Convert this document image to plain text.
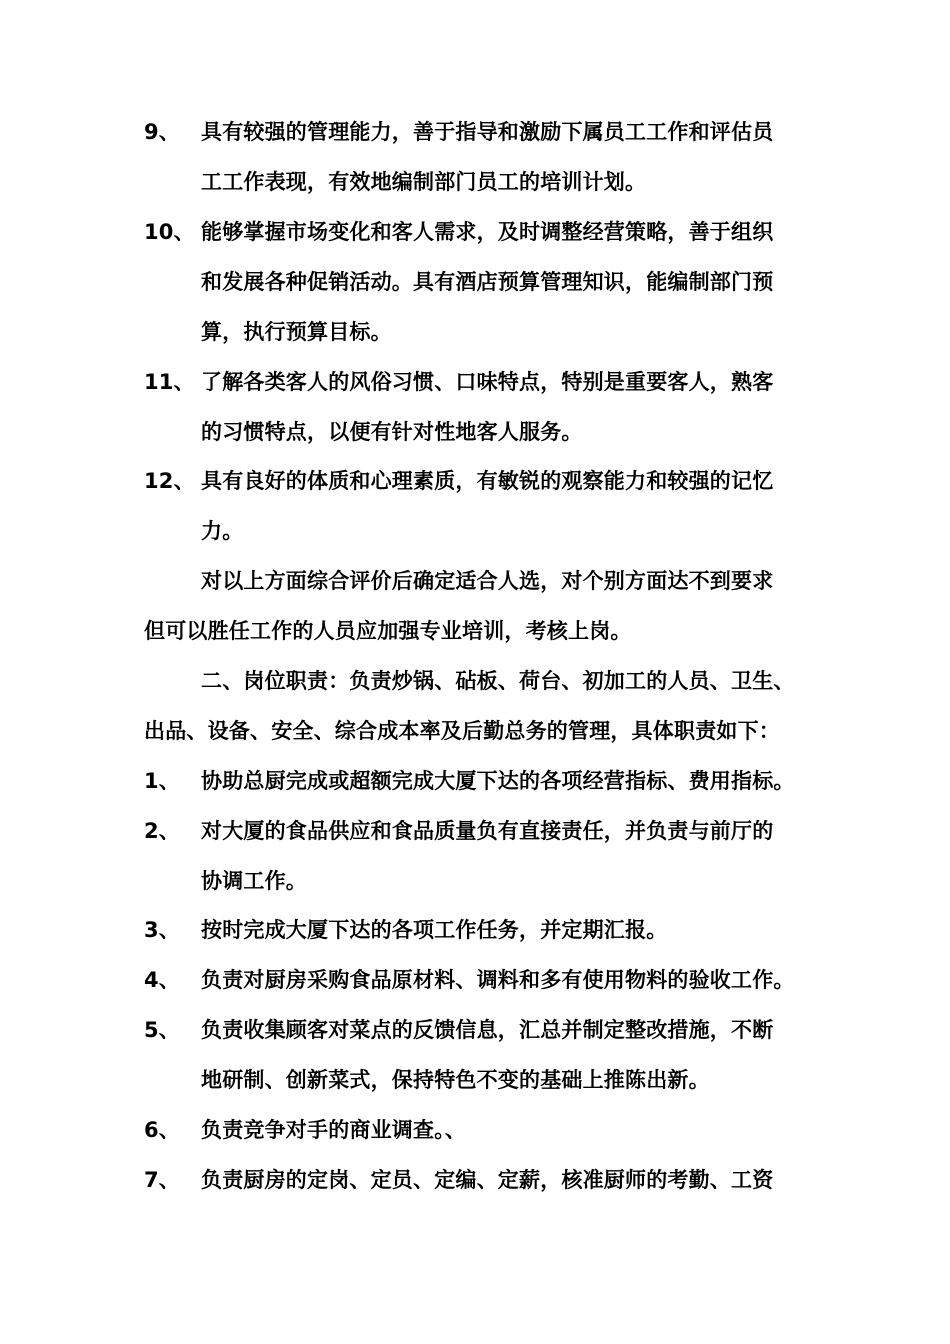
9、 具有较强的管理能力，善于指导和激励下属员工工作和评估员
工工作表现，有效地编制部门员工的培训计划。
10、 能够掌握市场变化和客人需求，及时调整经营策略，善于组织
和发展各种促销活动。具有酒店预算管理知识，能编制部门预
算，执行预算目标。
11、 了解各类客人的风俗习惯、口味特点，特别是重要客人，熟客
的习惯特点，以便有针对性地客人服务。
12、 具有良好的体质和心理素质，有敏锐的观察能力和较强的记忆
力。
对以上方面综合评价后确定适合人选，对个别方面达不到要求
但可以胜任工作的人员应加强专业培训，考核上岗。
二、岗位职责：负责炒锅、砧板、荷台、初加工的人员、卫生、
出品、设备、安全、综合成本率及后勤总务的管理，具体职责如下：
1、 协助总厨完成或超额完成大厦下达的各项经营指标、费用指标。
2、 对大厦的食品供应和食品质量负有直接责任，并负责与前厅的
协调工作。
3、 按时完成大厦下达的各项工作任务，并定期汇报。
4、 负责对厨房采购食品原材料、调料和多有使用物料的验收工作。
5、 负责收集顾客对菜点的反馈信息，汇总并制定整改措施，不断
地研制、创新菜式，保持特色不变的基础上推陈出新。
6、 负责竞争对手的商业调查。、
7、 负责厨房的定岗、定员、定编、定薪，核准厨师的考勤、工资
